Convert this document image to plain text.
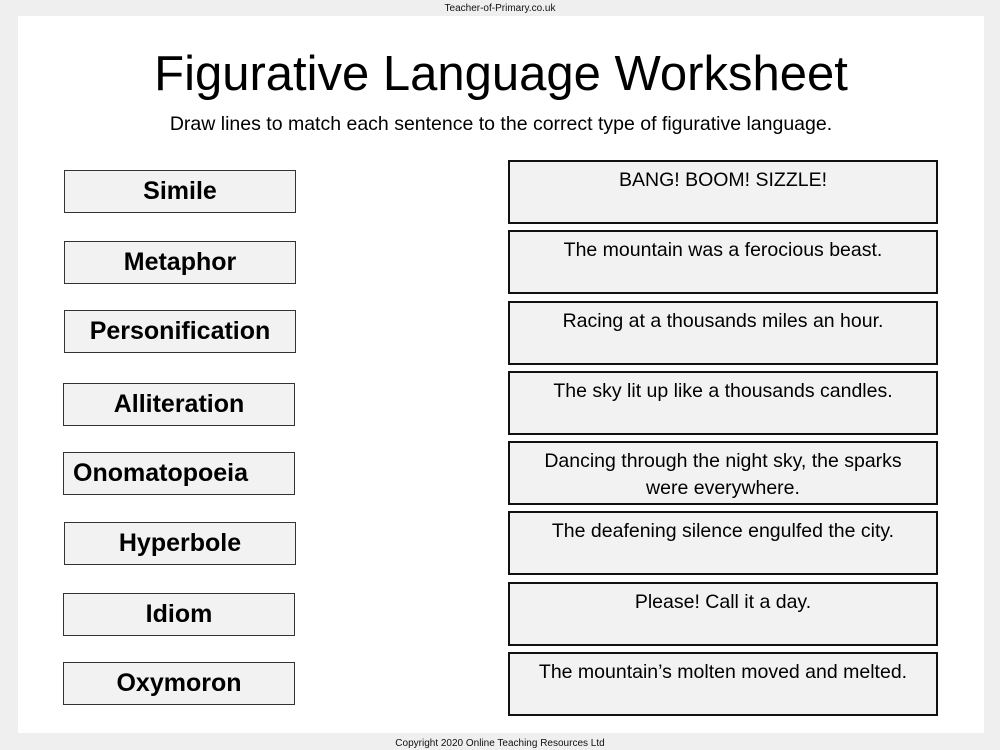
Teacher-of-Primary.co.uk
Figurative Language Worksheet
Draw lines to match each sentence to the correct type of figurative language.
Simile
Metaphor
Personification
Alliteration
Onomatopoeia
Hyperbole
Idiom
Oxymoron
BANG! BOOM! SIZZLE!
The mountain was a ferocious beast.
Racing at a thousands miles an hour.
The sky lit up like a thousands candles.
Dancing through the night sky, the sparks were everywhere.
The deafening silence engulfed the city.
Please! Call it a day.
The mountain’s molten moved and melted.
Copyright 2020 Online Teaching Resources Ltd
